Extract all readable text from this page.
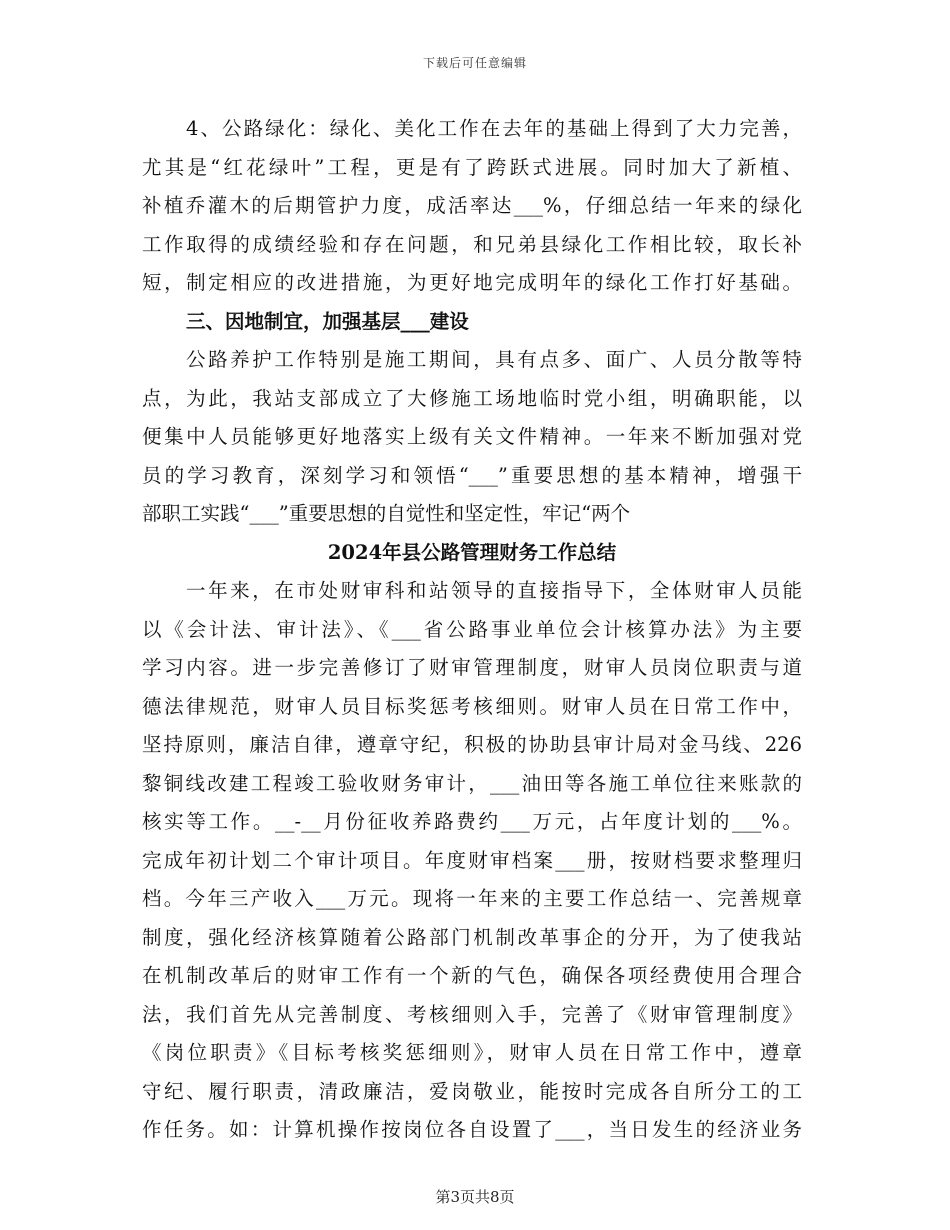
下载后可任意编辑
4、公路绿化：绿化、美化工作在去年的基础上得到了大力完善，
尤其是“红花绿叶”工程，更是有了跨跃式进展。同时加大了新植、
补植乔灌木的后期管护力度，成活率达___%，仔细总结一年来的绿化
工作取得的成绩经验和存在问题，和兄弟县绿化工作相比较，取长补
短，制定相应的改进措施，为更好地完成明年的绿化工作打好基础。
三、因地制宜，加强基层___建设
公路养护工作特别是施工期间，具有点多、面广、人员分散等特
点，为此，我站支部成立了大修施工场地临时党小组，明确职能，以
便集中人员能够更好地落实上级有关文件精神。一年来不断加强对党
员的学习教育，深刻学习和领悟“___”重要思想的基本精神，增强干
部职工实践“___”重要思想的自觉性和坚定性，牢记“两个
2024年县公路管理财务工作总结
一年来，在市处财审科和站领导的直接指导下，全体财审人员能
以《会计法、审计法》、《___省公路事业单位会计核算办法》为主要
学习内容。进一步完善修订了财审管理制度，财审人员岗位职责与道
德法律规范，财审人员目标奖惩考核细则。财审人员在日常工作中，
坚持原则，廉洁自律，遵章守纪，积极的协助县审计局对金马线、226
黎铜线改建工程竣工验收财务审计，___油田等各施工单位往来账款的
核实等工作。__-__月份征收养路费约___万元，占年度计划的___%。
完成年初计划二个审计项目。年度财审档案___册，按财档要求整理归
档。今年三产收入___万元。现将一年来的主要工作总结一、完善规章
制度，强化经济核算随着公路部门机制改革事企的分开，为了使我站
在机制改革后的财审工作有一个新的气色，确保各项经费使用合理合
法，我们首先从完善制度、考核细则入手，完善了《财审管理制度》
《岗位职责》《目标考核奖惩细则》，财审人员在日常工作中，遵章
守纪、履行职责，清政廉洁，爱岗敬业，能按时完成各自所分工的工
作任务。如：计算机操作按岗位各自设置了___，当日发生的经济业务
第3页共8页
